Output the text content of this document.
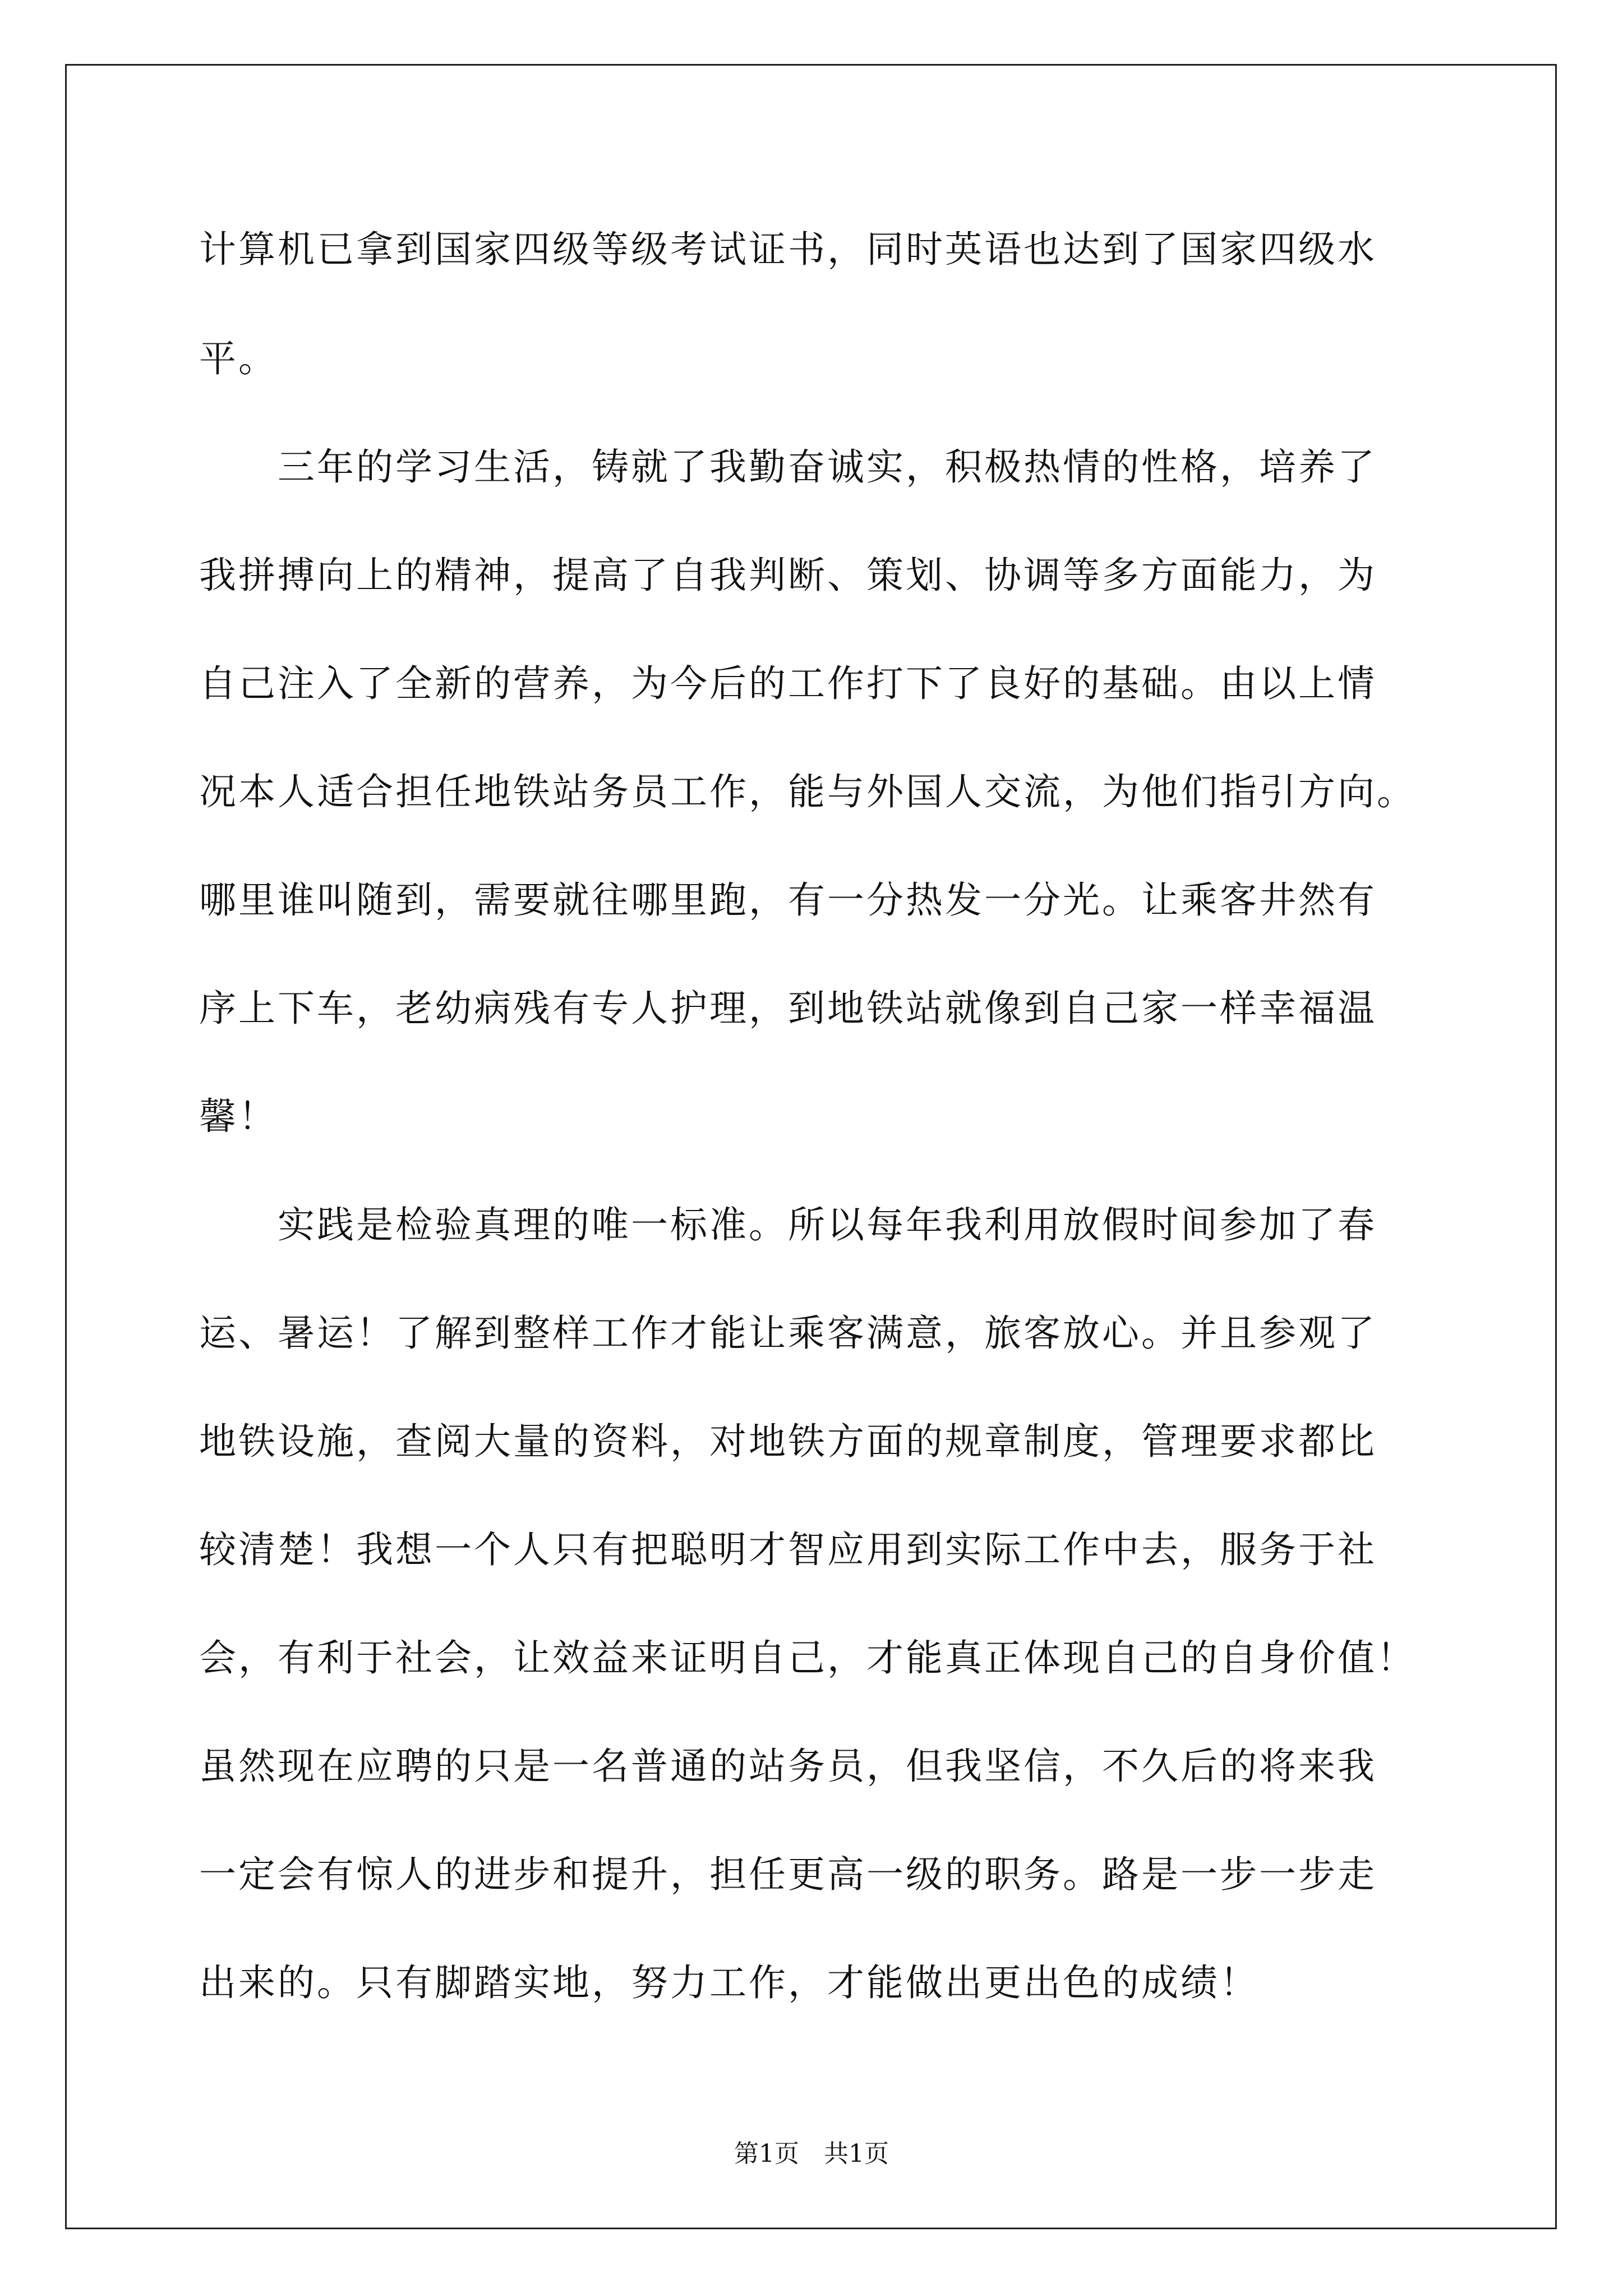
计算机已拿到国家四级等级考试证书，同时英语也达到了国家四级水
平。
　　三年的学习生活，铸就了我勤奋诚实，积极热情的性格，培养了
我拼搏向上的精神，提高了自我判断、策划、协调等多方面能力，为
自己注入了全新的营养，为今后的工作打下了良好的基础。由以上情
况本人适合担任地铁站务员工作，能与外国人交流，为他们指引方向。
哪里谁叫随到，需要就往哪里跑，有一分热发一分光。让乘客井然有
序上下车，老幼病残有专人护理，到地铁站就像到自己家一样幸福温
馨！
　　实践是检验真理的唯一标准。所以每年我利用放假时间参加了春
运、暑运！了解到整样工作才能让乘客满意，旅客放心。并且参观了
地铁设施，查阅大量的资料，对地铁方面的规章制度，管理要求都比
较清楚！我想一个人只有把聪明才智应用到实际工作中去，服务于社
会，有利于社会，让效益来证明自己，才能真正体现自己的自身价值！
虽然现在应聘的只是一名普通的站务员，但我坚信，不久后的将来我
一定会有惊人的进步和提升，担任更高一级的职务。路是一步一步走
出来的。只有脚踏实地，努力工作，才能做出更出色的成绩！
第1页　共1页
